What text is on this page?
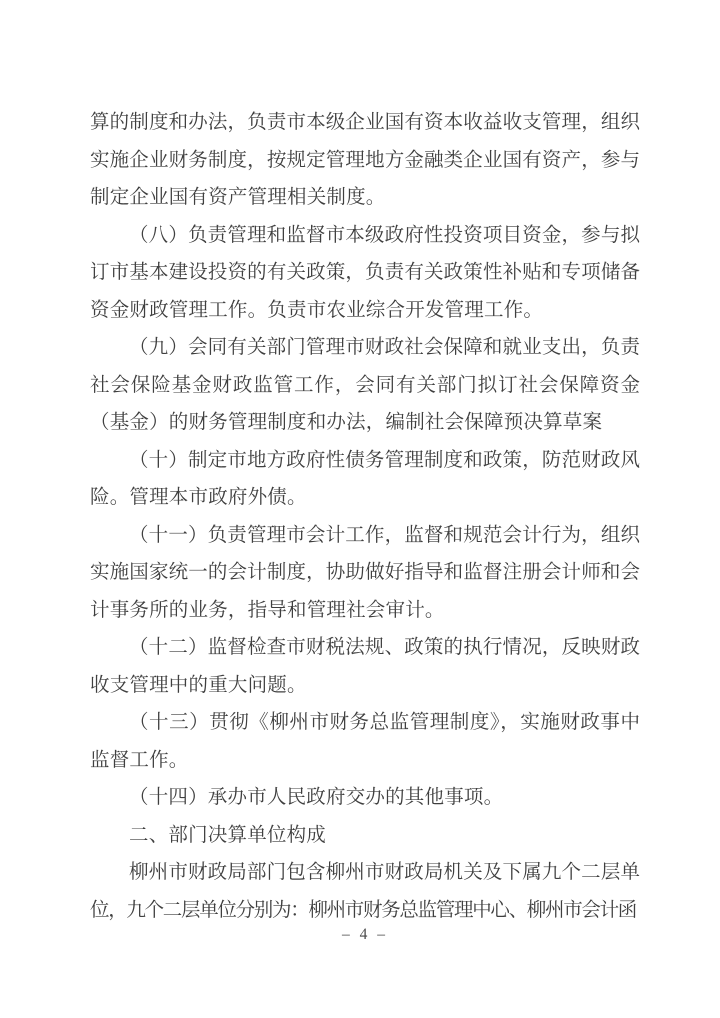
算的制度和办法，负责市本级企业国有资本收益收支管理，组织
实施企业财务制度，按规定管理地方金融类企业国有资产，参与
制定企业国有资产管理相关制度。
（八）负责管理和监督市本级政府性投资项目资金，参与拟
订市基本建设投资的有关政策，负责有关政策性补贴和专项储备
资金财政管理工作。负责市农业综合开发管理工作。
（九）会同有关部门管理市财政社会保障和就业支出，负责
社会保险基金财政监管工作，会同有关部门拟订社会保障资金
（基金）的财务管理制度和办法，编制社会保障预决算草案
（十）制定市地方政府性债务管理制度和政策，防范财政风
险。管理本市政府外债。
（十一）负责管理市会计工作，监督和规范会计行为，组织
实施国家统一的会计制度，协助做好指导和监督注册会计师和会
计事务所的业务，指导和管理社会审计。
（十二）监督检查市财税法规、政策的执行情况，反映财政
收支管理中的重大问题。
（十三）贯彻《柳州市财务总监管理制度》，实施财政事中
监督工作。
（十四）承办市人民政府交办的其他事项。
二、部门决算单位构成
柳州市财政局部门包含柳州市财政局机关及下属九个二层单
位，九个二层单位分别为：柳州市财务总监管理中心、柳州市会计函
– 4 –
